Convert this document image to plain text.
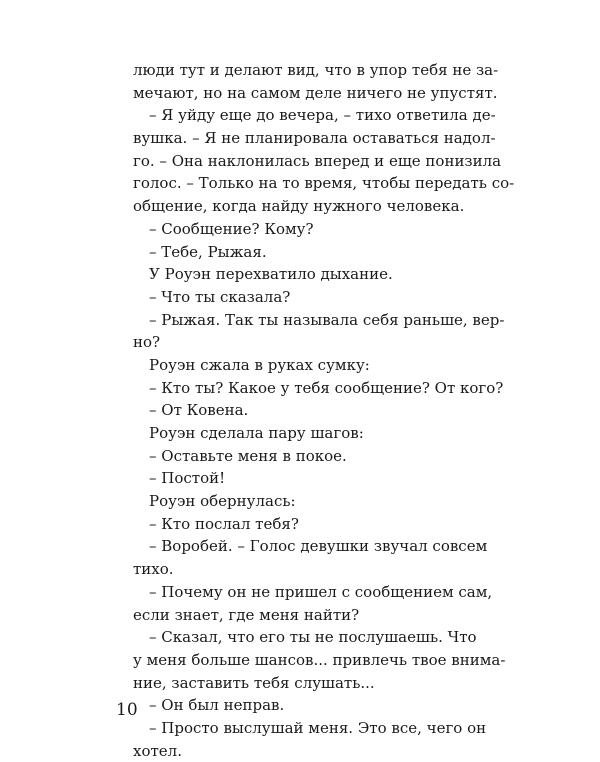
люди тут и делают вид, что в упор тебя не за-
мечают, но на самом деле ничего не упустят.
– Я уйду еще до вечера, – тихо ответила де-
вушка. – Я не планировала оставаться надол-
го. – Она наклонилась вперед и еще понизила
голос. – Только на то время, чтобы передать со-
общение, когда найду нужного человека.
– Сообщение? Кому?
– Тебе, Рыжая.
У Роуэн перехватило дыхание.
– Что ты сказала?
– Рыжая. Так ты называла себя раньше, вер-
но?
Роуэн сжала в руках сумку:
– Кто ты? Какое у тебя сообщение? От кого?
– От Ковена.
Роуэн сделала пару шагов:
– Оставьте меня в покое.
– Постой!
Роуэн обернулась:
– Кто послал тебя?
– Воробей. – Голос девушки звучал совсем
тихо.
– Почему он не пришел с сообщением сам,
если знает, где меня найти?
– Сказал, что его ты не послушаешь. Что
у меня больше шансов... привлечь твое внима-
ние, заставить тебя слушать...
– Он был неправ.
– Просто выслушай меня. Это все, чего он
хотел.
10
